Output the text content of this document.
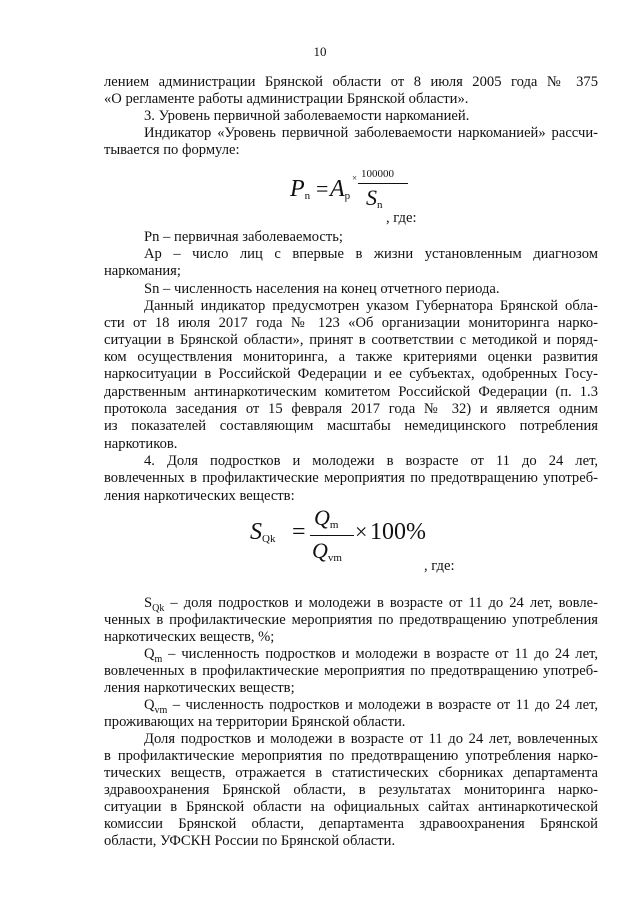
10
лением администрации Брянской области от 8 июля 2005 года № 375
«О регламенте работы администрации Брянской области».
3. Уровень первичной заболеваемости наркоманией.
Индикатор «Уровень первичной заболеваемости наркоманией» рассчи-
тывается по формуле:
Pn – первичная заболеваемость;
Ap – число лиц с впервые в жизни установленным диагнозом
наркомания;
Sn – численность населения на конец отчетного периода.
Данный индикатор предусмотрен указом Губернатора Брянской обла-
сти от 18 июля 2017 года № 123 «Об организации мониторинга нарко-
ситуации в Брянской области», принят в соответствии с методикой и поряд-
ком осуществления мониторинга, а также критериями оценки развития
наркоситуации в Российской Федерации и ее субъектах, одобренных Госу-
дарственным антинаркотическим комитетом Российской Федерации (п. 1.3
протокола заседания от 15 февраля 2017 года № 32) и является одним
из показателей составляющим масштабы немедицинского потребления
наркотиков.
4. Доля подростков и молодежи в возрасте от 11 до 24 лет,
вовлеченных в профилактические мероприятия по предотвращению употреб-
ления наркотических веществ:
$S_{Qk}$ – доля подростков и молодежи в возрасте от 11 до 24 лет, вовле-
ченных в профилактические мероприятия по предотвращению употребления
наркотических веществ, %;
$Q_m$ – численность подростков и молодежи в возрасте от 11 до 24 лет,
вовлеченных в профилактические мероприятия по предотвращению употреб-
ления наркотических веществ;
$Q_{vm}$ – численность подростков и молодежи в возрасте от 11 до 24 лет,
проживающих на территории Брянской области.
Доля подростков и молодежи в возрасте от 11 до 24 лет, вовлеченных
в профилактические мероприятия по предотвращению употребления нарко-
тических веществ, отражается в статистических сборниках департамента
здравоохранения Брянской области, в результатах мониторинга нарко-
ситуации в Брянской области на официальных сайтах антинаркотической
комиссии Брянской области, департамента здравоохранения Брянской
области, УФСКН России по Брянской области.
$P_n = A_p$
× 100000
$S_n$
, где:
$S_{Qk}$ =
$Q_m$
$Q_{vm}$
× 100%
, где:
